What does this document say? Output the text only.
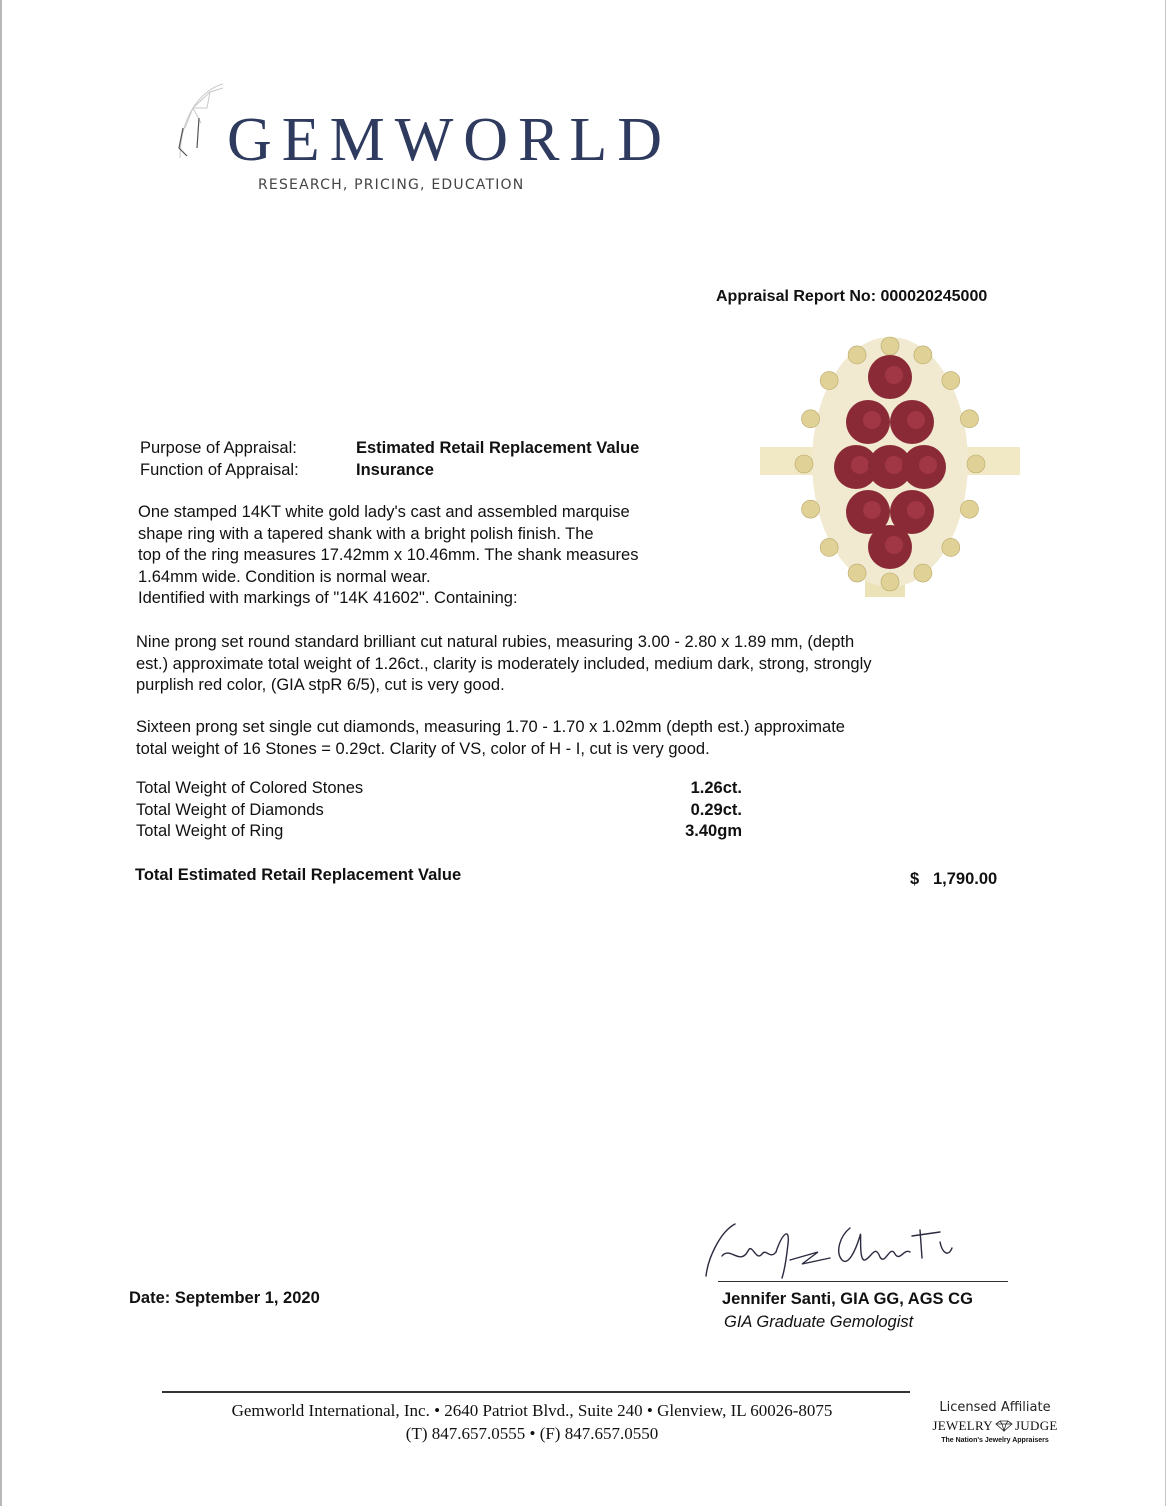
GEMWORLD
RESEARCH, PRICING, EDUCATION
Appraisal Report No: 000020245000
Purpose of Appraisal:	Estimated Retail Replacement Value
Function of Appraisal:	Insurance
One stamped 14KT white gold lady's cast and assembled marquise
shape ring with a tapered shank with a bright polish finish. The
top of the ring measures 17.42mm x 10.46mm. The shank measures
1.64mm wide. Condition is normal wear.
Identified with markings of "14K 41602". Containing:
Nine prong set round standard brilliant cut natural rubies, measuring 3.00 - 2.80 x 1.89 mm, (depth
est.) approximate total weight of 1.26ct., clarity is moderately included, medium dark, strong, strongly
purplish red color, (GIA stpR 6/5), cut is very good.
Sixteen prong set single cut diamonds, measuring 1.70 - 1.70 x 1.02mm (depth est.) approximate
total weight of 16 Stones = 0.29ct. Clarity of VS, color of H - I, cut is very good.
Total Weight of Colored Stones	1.26ct.
Total Weight of Diamonds	0.29ct.
Total Weight of Ring	3.40gm
Total Estimated Retail Replacement Value	$ 1,790.00
Date: September 1, 2020	Jennifer Santi, GIA GG, AGS CG
GIA Graduate Gemologist
Gemworld International, Inc. • 2640 Patriot Blvd., Suite 240 • Glenview, IL 60026-8075
(T) 847.657.0555 • (F) 847.657.0550
Licensed Affiliate
JEWELRY JUDGE
The Nation's Jewelry Appraisers
